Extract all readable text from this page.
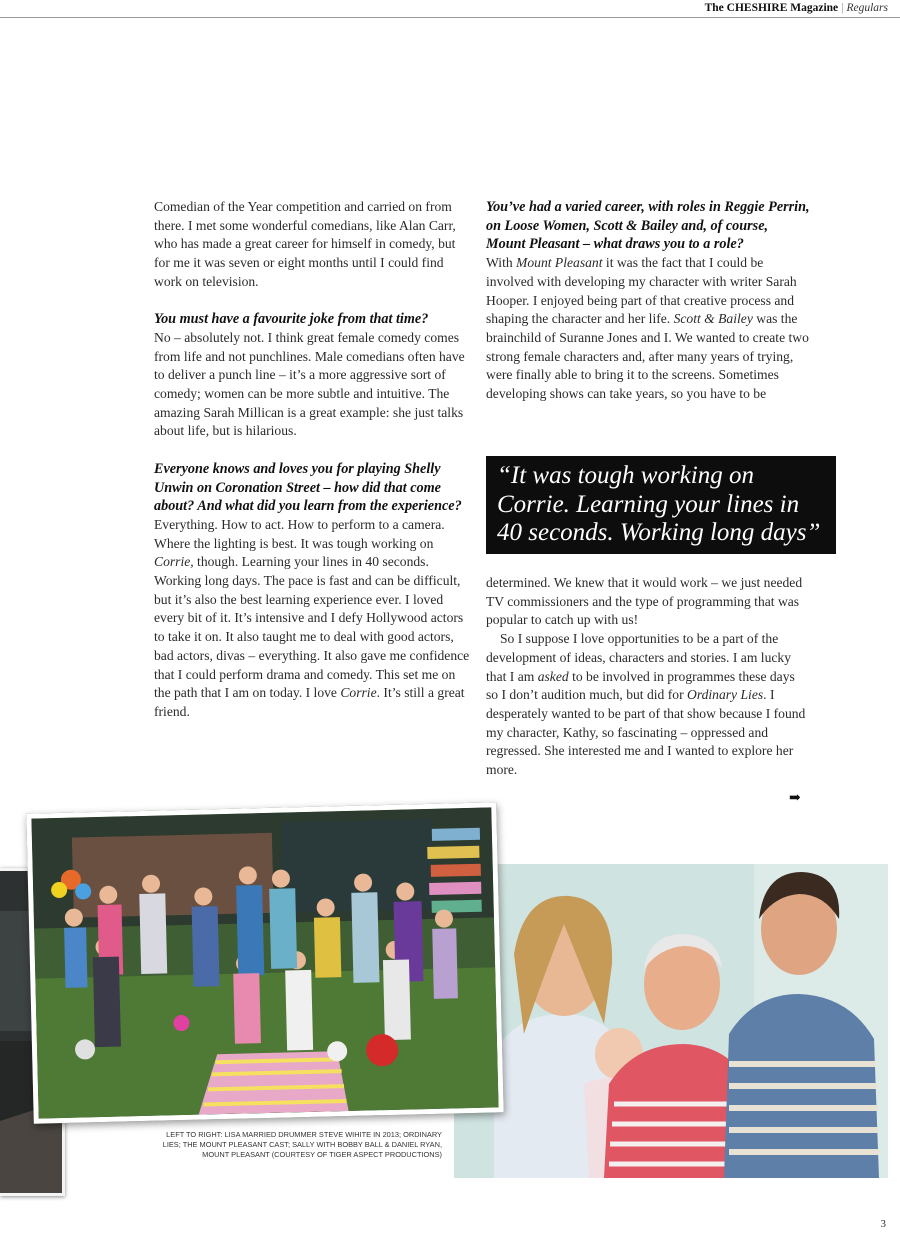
The CHESHIRE Magazine | Regulars

Comedian of the Year competition and carried on from there. I met some wonderful comedians, like Alan Carr, who has made a great career for himself in comedy, but for me it was seven or eight months until I could find work on television.

You must have a favourite joke from that time?

No – absolutely not. I think great female comedy comes from life and not punchlines. Male comedians often have to deliver a punch line – it’s a more aggressive sort of comedy; women can be more subtle and intuitive. The amazing Sarah Millican is a great example: she just talks about life, but is hilarious.

Everyone knows and loves you for playing Shelly Unwin on Coronation Street – how did that come about? And what did you learn from the experience?

Everything. How to act. How to perform to a camera. Where the lighting is best. It was tough working on Corrie, though. Learning your lines in 40 seconds. Working long days. The pace is fast and can be difficult, but it’s also the best learning experience ever. I loved every bit of it. It’s intensive and I defy Hollywood actors to take it on. It also taught me to deal with good actors, bad actors, divas – everything. It also gave me confidence that I could perform drama and comedy. This set me on the path that I am on today. I love Corrie. It’s still a great friend.

You’ve had a varied career, with roles in Reggie Perrin, on Loose Women, Scott & Bailey and, of course, Mount Pleasant – what draws you to a role?

With Mount Pleasant it was the fact that I could be involved with developing my character with writer Sarah Hooper. I enjoyed being part of that creative process and shaping the character and her life. Scott & Bailey was the brainchild of Suranne Jones and I. We wanted to create two strong female characters and, after many years of trying, were finally able to bring it to the screens. Sometimes developing shows can take years, so you have to be

“It was tough working on Corrie. Learning your lines in 40 seconds. Working long days”

determined. We knew that it would work – we just needed TV commissioners and the type of programming that was popular to catch up with us!

So I suppose I love opportunities to be a part of the development of ideas, characters and stories. I am lucky that I am asked to be involved in programmes these days so I don’t audition much, but did for Ordinary Lies. I desperately wanted to be part of that show because I found my character, Kathy, so fascinating – oppressed and regressed. She interested me and I wanted to explore her more.

➡
LEFT TO RIGHT: LISA MARRIED DRUMMER STEVE WIHITE IN 2013; ORDINARY LIES; THE MOUNT PLEASANT CAST; SALLY WITH BOBBY BALL & DANIEL RYAN, MOUNT PLEASANT (COURTESY OF TIGER ASPECT PRODUCTIONS)
3
